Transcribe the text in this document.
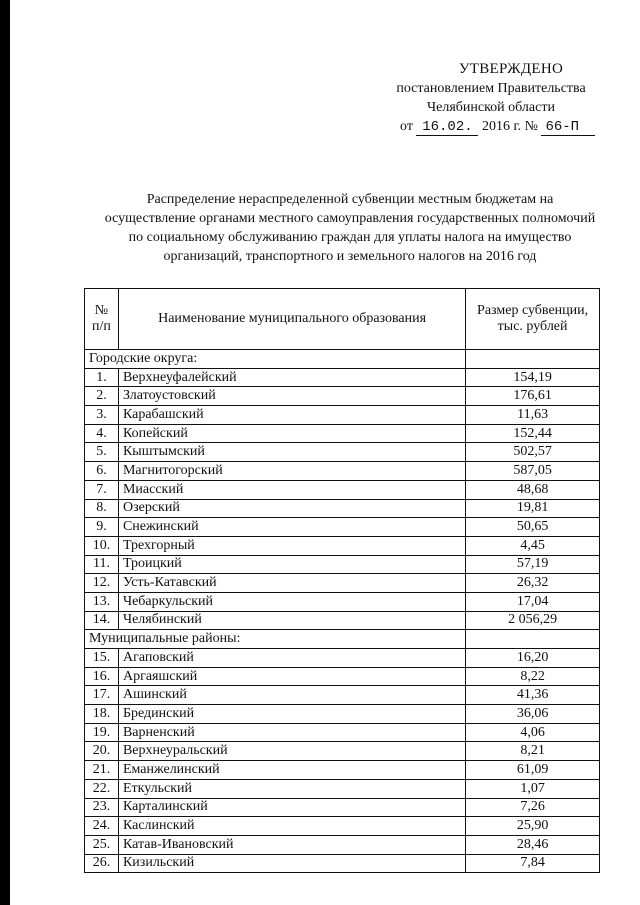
УТВЕРЖДЕНО
постановлением Правительства
Челябинской области
от 16.02. 2016 г. № 66-П
Распределение нераспределенной субвенции местным бюджетам на осуществление органами местного самоуправления государственных полномочий по социальному обслуживанию граждан для уплаты налога на имущество организаций, транспортного и земельного налогов на 2016 год
№ п/п	Наименование муниципального образования	Размер субвенции, тыс. рублей
Городские округа:		
1.	Верхнеуфалейский	154,19
2.	Златоустовский	176,61
3.	Карабашский	11,63
4.	Копейский	152,44
5.	Кыштымский	502,57
6.	Магнитогорский	587,05
7.	Миасский	48,68
8.	Озерский	19,81
9.	Снежинский	50,65
10.	Трехгорный	4,45
11.	Троицкий	57,19
12.	Усть-Катавский	26,32
13.	Чебаркульский	17,04
14.	Челябинский	2 056,29
Муниципальные районы:		
15.	Агаповский	16,20
16.	Аргаяшский	8,22
17.	Ашинский	41,36
18.	Брединский	36,06
19.	Варненский	4,06
20.	Верхнеуральский	8,21
21.	Еманжелинский	61,09
22.	Еткульский	1,07
23.	Карталинский	7,26
24.	Каслинский	25,90
25.	Катав-Ивановский	28,46
26.	Кизильский	7,84
